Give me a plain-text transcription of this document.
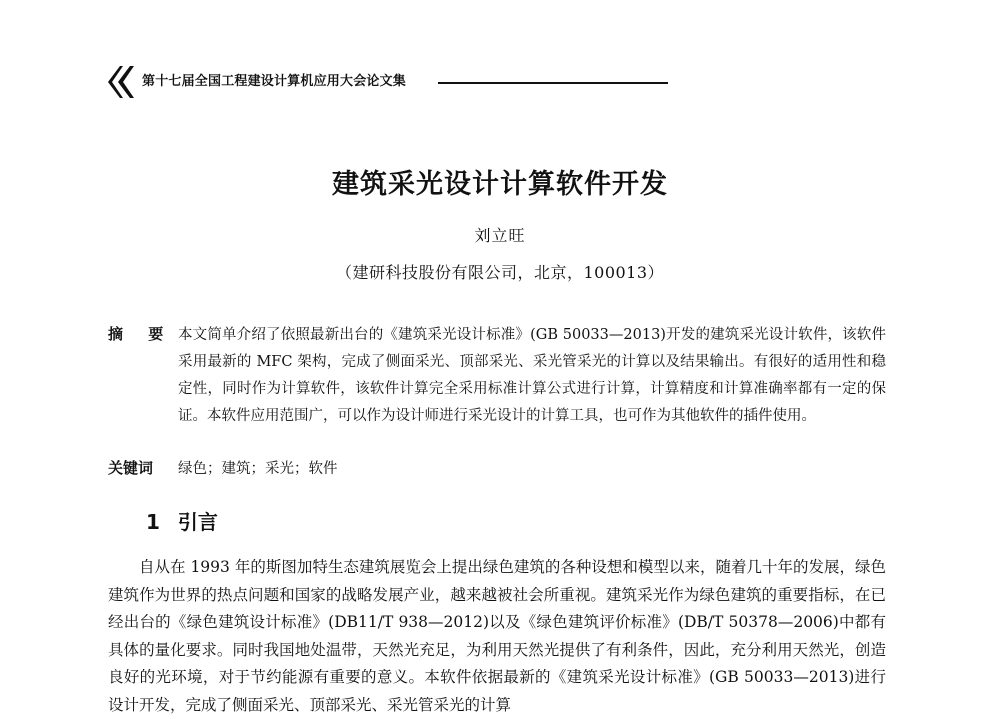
第十七届全国工程建设计算机应用大会论文集
建筑采光设计计算软件开发
刘立旺
（建研科技股份有限公司，北京，100013）
摘 要 本文简单介绍了依照最新出台的《建筑采光设计标准》(GB 50033—2013)开发的建筑采光设计软件，该软件采用最新的 MFC 架构，完成了侧面采光、顶部采光、采光管采光的计算以及结果输出。有很好的适用性和稳定性，同时作为计算软件，该软件计算完全采用标准计算公式进行计算，计算精度和计算准确率都有一定的保证。本软件应用范围广，可以作为设计师进行采光设计的计算工具，也可作为其他软件的插件使用。
关键词 绿色；建筑；采光；软件
1 引言
自从在 1993 年的斯图加特生态建筑展览会上提出绿色建筑的各种设想和模型以来，随着几十年的发展，绿色建筑作为世界的热点问题和国家的战略发展产业，越来越被社会所重视。建筑采光作为绿色建筑的重要指标，在已经出台的《绿色建筑设计标准》(DB11/T 938—2012)以及《绿色建筑评价标准》(DB/T 50378—2006)中都有具体的量化要求。同时我国地处温带，天然光充足，为利用天然光提供了有利条件，因此，充分利用天然光，创造良好的光环境，对于节约能源有重要的意义。本软件依据最新的《建筑采光设计标准》(GB 50033—2013)进行设计开发，完成了侧面采光、顶部采光、采光管采光的计算
